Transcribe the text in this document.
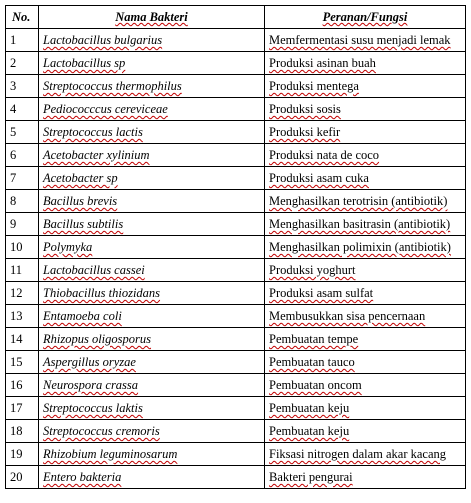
No.	Nama Bakteri	Peranan/Fungsi
1	Lactobacillus bulgarius	Memfermentasi susu menjadi lemak
2	Lactobacillus sp	Produksi asinan buah
3	Streptococcus thermophilus	Produksi mentega
4	Pediococccus cereviceae	Produksi sosis
5	Streptococcus lactis	Produksi kefir
6	Acetobacter xylinium	Produksi nata de coco
7	Acetobacter sp	Produksi asam cuka
8	Bacillus brevis	Menghasilkan terotrisin (antibiotik)
9	Bacillus subtilis	Menghasilkan basitrasin (antibiotik)
10	Polymyka	Menghasilkan polimixin (antibiotik)
11	Lactobacillus cassei	Produksi yoghurt
12	Thiobacillus thiozidans	Produksi asam sulfat
13	Entamoeba coli	Membusukkan sisa pencernaan
14	Rhizopus oligosporus	Pembuatan tempe
15	Aspergillus oryzae	Pembuatan tauco
16	Neurospora crassa	Pembuatan oncom
17	Streptococcus laktis	Pembuatan keju
18	Streptococcus cremoris	Pembuatan keju
19	Rhizobium leguminosarum	Fiksasi nitrogen dalam akar kacang
20	Entero bakteria	Bakteri pengurai
